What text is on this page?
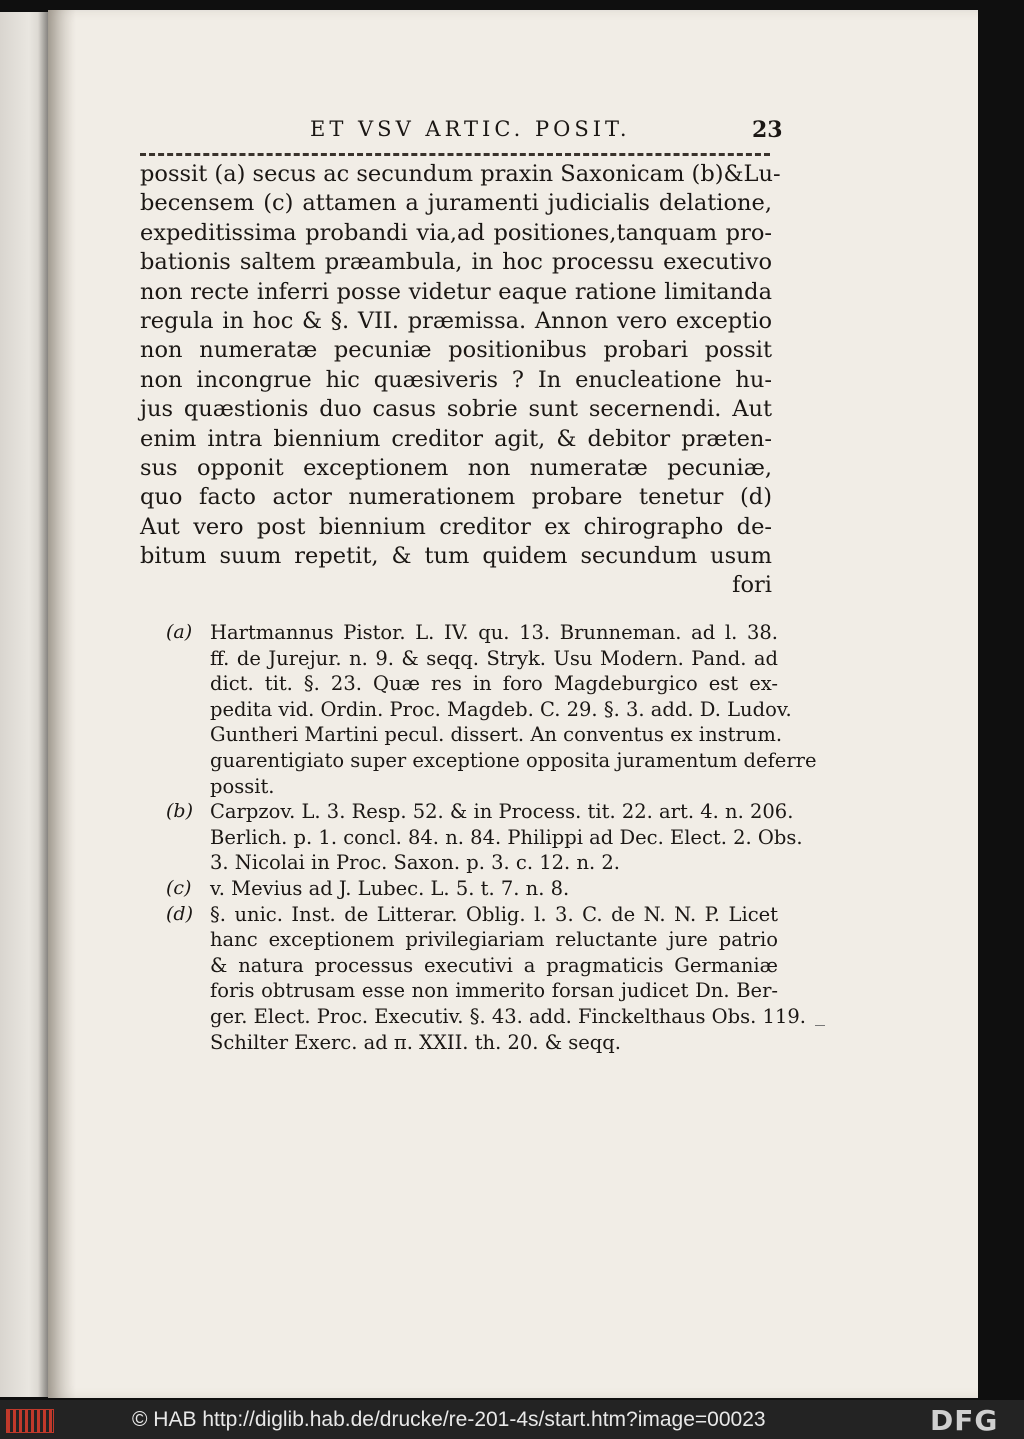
ET VSV ARTIC. POSIT.	23
possit (a) secus ac secundum praxin Saxonicam (b)&Lu-
becensem (c) attamen a juramenti judicialis delatione,
expeditissima probandi via,ad positiones,tanquam pro-
bationis saltem præambula, in hoc processu executivo
non recte inferri posse videtur eaque ratione limitanda
regula in hoc & §. VII. præmissa. Annon vero exceptio
non numeratæ pecuniæ positionibus probari possit
non incongrue hic quæsiveris ? In enucleatione hu-
jus quæstionis duo casus sobrie sunt secernendi. Aut
enim intra biennium creditor agit, & debitor præten-
sus opponit exceptionem non numeratæ pecuniæ,
quo facto actor numerationem probare tenetur (d)
Aut vero post biennium creditor ex chirographo de-
bitum suum repetit, & tum quidem secundum usum
fori
(a) Hartmannus Pistor. L. IV. qu. 13. Brunneman. ad l. 38.
ff. de Jurejur. n. 9. & seqq. Stryk. Usu Modern. Pand. ad
dict. tit. §. 23. Quæ res in foro Magdeburgico est ex-
pedita vid. Ordin. Proc. Magdeb. C. 29. §. 3. add. D. Ludov.
Guntheri Martini pecul. dissert. An conventus ex instrum.
guarentigiato super exceptione opposita juramentum deferre
possit.
(b) Carpzov. L. 3. Resp. 52. & in Process. tit. 22. art. 4. n. 206.
Berlich. p. 1. concl. 84. n. 84. Philippi ad Dec. Elect. 2. Obs.
3. Nicolai in Proc. Saxon. p. 3. c. 12. n. 2.
(c) v. Mevius ad J. Lubec. L. 5. t. 7. n. 8.
(d) §. unic. Inst. de Litterar. Oblig. l. 3. C. de N. N. P. Licet
hanc exceptionem privilegiariam reluctante jure patrio
& natura processus executivi a pragmaticis Germaniæ
foris obtrusam esse non immerito forsan judicet Dn. Ber-
ger. Elect. Proc. Executiv. §. 43. add. Finckelthaus Obs. 119.
Schilter Exerc. ad π. XXII. th. 20. & seqq.
© HAB http://diglib.hab.de/drucke/re-201-4s/start.htm?image=00023	DFG
